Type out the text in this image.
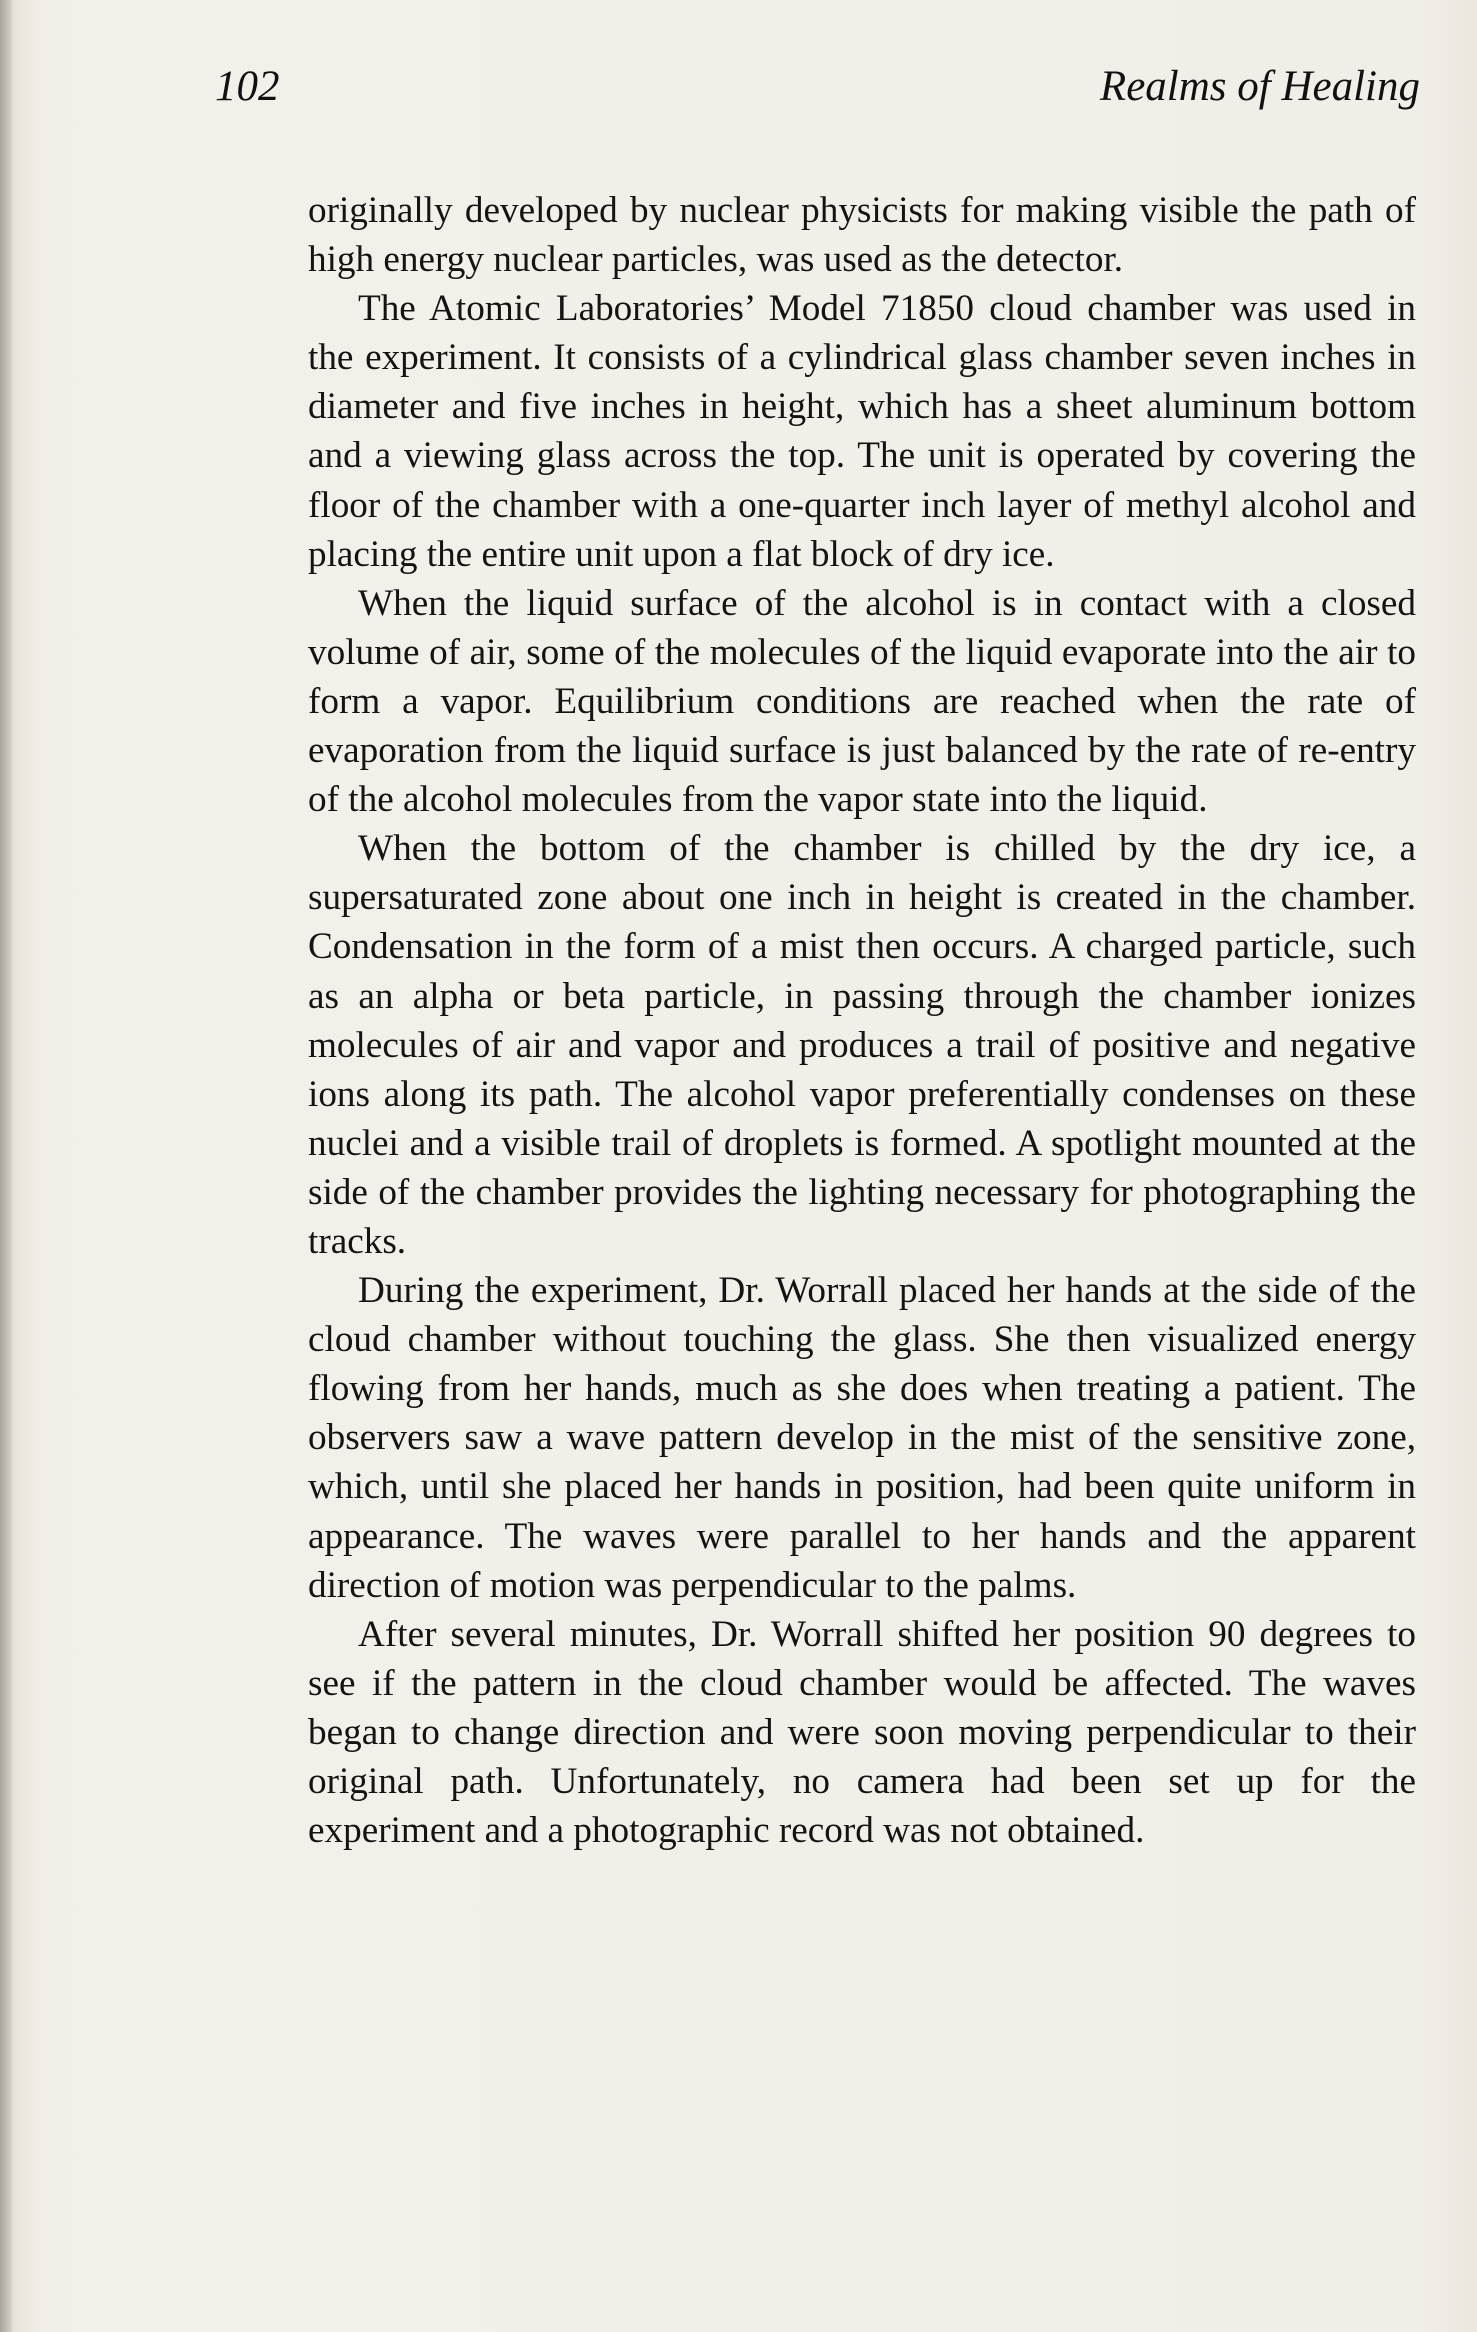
102	Realms of Healing

originally developed by nuclear physicists for making visible the path of high energy nuclear particles, was used as the detector.

The Atomic Laboratories’ Model 71850 cloud chamber was used in the experiment. It consists of a cylindrical glass chamber seven inches in diameter and five inches in height, which has a sheet aluminum bottom and a viewing glass across the top. The unit is operated by covering the floor of the chamber with a one-quarter inch layer of methyl alcohol and placing the entire unit upon a flat block of dry ice.

When the liquid surface of the alcohol is in contact with a closed volume of air, some of the molecules of the liquid evaporate into the air to form a vapor. Equilibrium conditions are reached when the rate of evaporation from the liquid surface is just balanced by the rate of re-entry of the alcohol molecules from the vapor state into the liquid.

When the bottom of the chamber is chilled by the dry ice, a supersaturated zone about one inch in height is created in the chamber. Condensation in the form of a mist then occurs. A charged particle, such as an alpha or beta particle, in passing through the chamber ionizes molecules of air and vapor and produces a trail of positive and negative ions along its path. The alcohol vapor preferentially condenses on these nuclei and a visible trail of droplets is formed. A spotlight mounted at the side of the chamber provides the lighting necessary for photographing the tracks.

During the experiment, Dr. Worrall placed her hands at the side of the cloud chamber without touching the glass. She then visualized energy flowing from her hands, much as she does when treating a patient. The observers saw a wave pattern develop in the mist of the sensitive zone, which, until she placed her hands in position, had been quite uniform in appearance. The waves were parallel to her hands and the apparent direction of motion was perpendicular to the palms.

After several minutes, Dr. Worrall shifted her position 90 degrees to see if the pattern in the cloud chamber would be affected. The waves began to change direction and were soon moving perpendicular to their original path. Unfortunately, no camera had been set up for the experiment and a photographic record was not obtained.
